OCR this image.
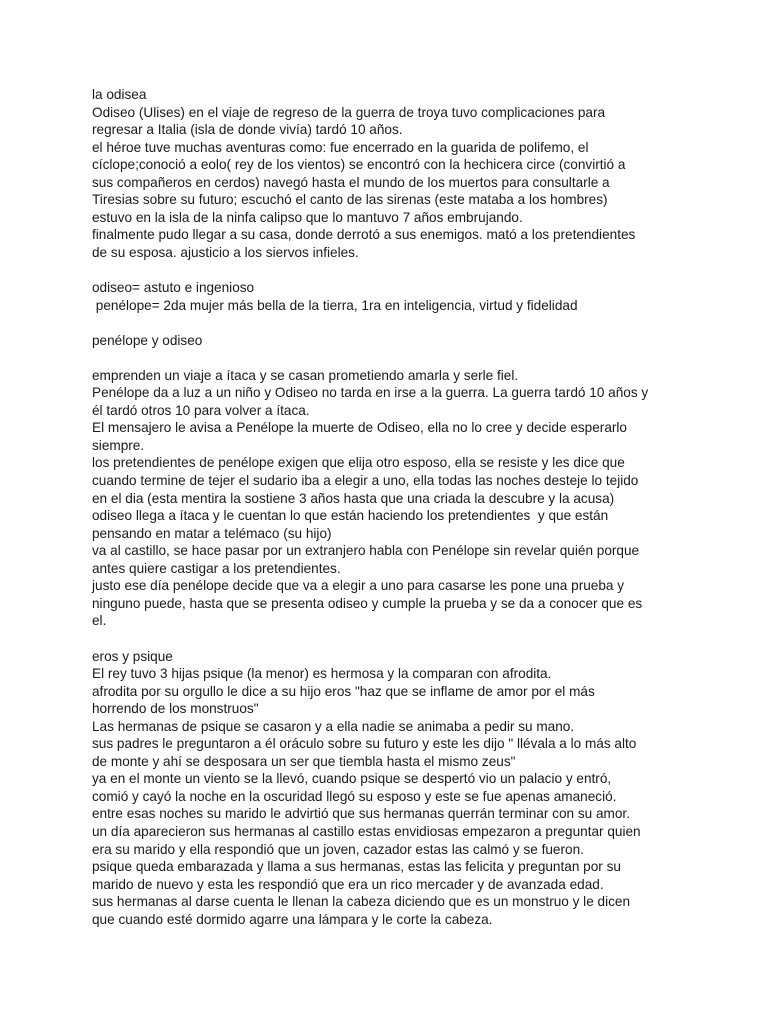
la odisea
Odiseo (Ulises) en el viaje de regreso de la guerra de troya tuvo complicaciones para
regresar a Italia (isla de donde vivía) tardó 10 años.
el héroe tuve muchas aventuras como: fue encerrado en la guarida de polifemo, el
cíclope;conoció a eolo( rey de los vientos) se encontró con la hechicera circe (convirtió a
sus compañeros en cerdos) navegó hasta el mundo de los muertos para consultarle a
Tiresias sobre su futuro; escuchó el canto de las sirenas (este mataba a los hombres)
estuvo en la isla de la ninfa calipso que lo mantuvo 7 años embrujando.
finalmente pudo llegar a su casa, donde derrotó a sus enemigos. mató a los pretendientes
de su esposa. ajusticio a los siervos infieles.
odiseo= astuto e ingenioso
penélope= 2da mujer más bella de la tierra, 1ra en inteligencia, virtud y fidelidad
penélope y odiseo
emprenden un viaje a ítaca y se casan prometiendo amarla y serle fiel.
Penélope da a luz a un niño y Odiseo no tarda en irse a la guerra. La guerra tardó 10 años y
él tardó otros 10 para volver a ítaca.
El mensajero le avisa a Penélope la muerte de Odiseo, ella no lo cree y decide esperarlo
siempre.
los pretendientes de penélope exigen que elija otro esposo, ella se resiste y les dice que
cuando termine de tejer el sudario iba a elegir a uno, ella todas las noches desteje lo tejido
en el dia (esta mentira la sostiene 3 años hasta que una criada la descubre y la acusa)
odiseo llega a ítaca y le cuentan lo que están haciendo los pretendientes  y que están
pensando en matar a telémaco (su hijo)
va al castillo, se hace pasar por un extranjero habla con Penélope sin revelar quién porque
antes quiere castigar a los pretendientes.
justo ese día penélope decide que va a elegir a uno para casarse les pone una prueba y
ninguno puede, hasta que se presenta odiseo y cumple la prueba y se da a conocer que es
el.
eros y psique
El rey tuvo 3 hijas psique (la menor) es hermosa y la comparan con afrodita.
afrodita por su orgullo le dice a su hijo eros "haz que se inflame de amor por el más
horrendo de los monstruos"
Las hermanas de psique se casaron y a ella nadie se animaba a pedir su mano.
sus padres le preguntaron a él oráculo sobre su futuro y este les dijo " llévala a lo más alto
de monte y ahí se desposara un ser que tiembla hasta el mismo zeus"
ya en el monte un viento se la llevó, cuando psique se despertó vio un palacio y entró,
comió y cayó la noche en la oscuridad llegó su esposo y este se fue apenas amaneció.
entre esas noches su marido le advirtió que sus hermanas querrán terminar con su amor.
un día aparecieron sus hermanas al castillo estas envidiosas empezaron a preguntar quien
era su marido y ella respondió que un joven, cazador estas las calmó y se fueron.
psique queda embarazada y llama a sus hermanas, estas las felicita y preguntan por su
marido de nuevo y esta les respondió que era un rico mercader y de avanzada edad.
sus hermanas al darse cuenta le llenan la cabeza diciendo que es un monstruo y le dicen
que cuando esté dormido agarre una lámpara y le corte la cabeza.
